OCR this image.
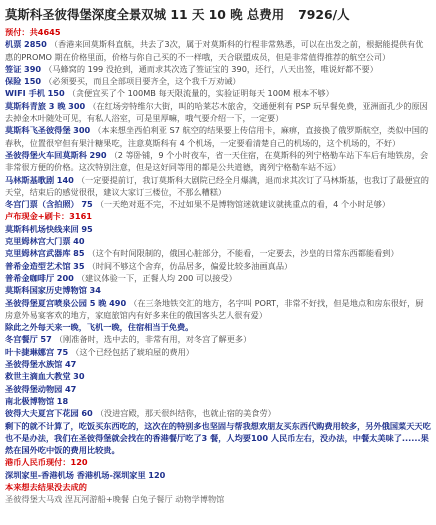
莫斯科圣彼得堡深度全景双城 11 天 10 晚 总费用 7926/人
预付：共4645
机票 2850 （香港来回莫斯科直航，共去了3次，属于对莫斯科的行程非常熟悉，可以在出发之前，根据能提供有优惠的PROMO 期在价格里面，价格与你自己买的不一样哦，天合联盟成员，但是非常值得推荐的航空公司）
签证 390 （马蜂窝的 199 没抢到，通而求其次选了签证宝的 390，还行，八天出签，唯说好都不要）
保险 150 （必须要买，而且全部项目要齐全，这个我千万劝诫）
WIFI 手机 150 （贪便宜买了个 100MB 每天限流量的，实验证明每天 100M 根本不够）
莫斯科青旅 3 晚 300 （在红场旁特维尔大街，叫的哈莱芯木旅舍，交通便利有 PSP 玩早餐免费，亚洲面孔少的原因去掉金木叶随处可见，有私人浴室，可是里厚嘛，哦气要介绍一下，一定要）
莫斯科飞圣彼得堡 300 （本来想坐西伯利亚 S7 航空的结果要上传信用卡，麻痹，直接换了俄罗斯航空，类似中国的春秋，位置很窄但有果汁糖果吃，注意莫斯科有 4 个机场，一定要看清楚自己的机场的，这个机场的，不好）
圣彼得堡火车回莫斯科 290 （2 等卧铺，9 个小时夜车，省一天住宿，在莫斯科的列宁格勒车站下车后有地铁房，会非常很方便的价格。这次特别注意，但是这好同等用的都是公共道德，离列宁格勒车站不远）
马林斯基歌剧 140 （一定要提前订，我订莫斯科大剧院已经全月爆满，退而求其次订了马林斯基，也我订了最便宜的天堂，结束后的感觉很很，建议大家订三楼位，不那么糟糕）
冬宫门票（含拍照） 75 （一天绝对逛不完，不过如果不是博物馆迷就建议就挑重点的看，4 个小时足够）
卢布现金+刷卡：3161
莫斯科机场快线来回 95
克里姆林宫大门票 40
克里姆林宫武器库 85 （这个有时间限制的，俄国心脏部分，不能看，一定要去，沙皇的日常东西都能看到）
普希金造型艺术馆 35 （时间不够这个舍弃，仿品居多，偏爱比较多油画真品）
普希金咖啡厅 200 （建议体验一下，正餐人均 200 可以接受）
莫斯科国家历史博物馆 34
圣彼得堡夏宫喷泉公园 5 晚 490 （在三条地铁交汇的地方，名字叫 PORT，非常不好找，但是地点和房东很好，厨房意外易宴客欢的地方，家庭旅馆内有好多来住的俄国客头艺人很有爱）
除此之外每天来一晚，飞机一晚，住宿相当于免费。
冬宫餐厅 57 （刚准备时，选中去的，非常有用，对冬宫了解更多）
叶卡捷琳娜宫 75 （这个已经包括了琥珀屋的费用）
圣彼得堡水族馆 47
救世主滴血大教堂 30
圣彼得堡动物园 47
南北极博物馆 18
彼得大夫夏宫下花园 60 （没进宫殿，那天很纠结你，也就止宿的美食劳）
剩下的就不计算了，吃饭买东西吃的，这次在的特别多也坚固与帮我想欢朋友买东西代购费用较多，另外俄国菜天天吃也不是办法，我们在圣彼得堡就会找在的香港餐厅吃了3 餐，人均要100 人民币左右，没办法，中餐太美味了......果然在国外吃中饭的费用比较贵。
港币人民币现付：120
深圳家里-香港机场 香港机场-深圳家里 120
本来想去结果没去成的
圣彼得堡大马戏 涅瓦河游船+晚餐 白兔子餐厅 动物学博物馆
